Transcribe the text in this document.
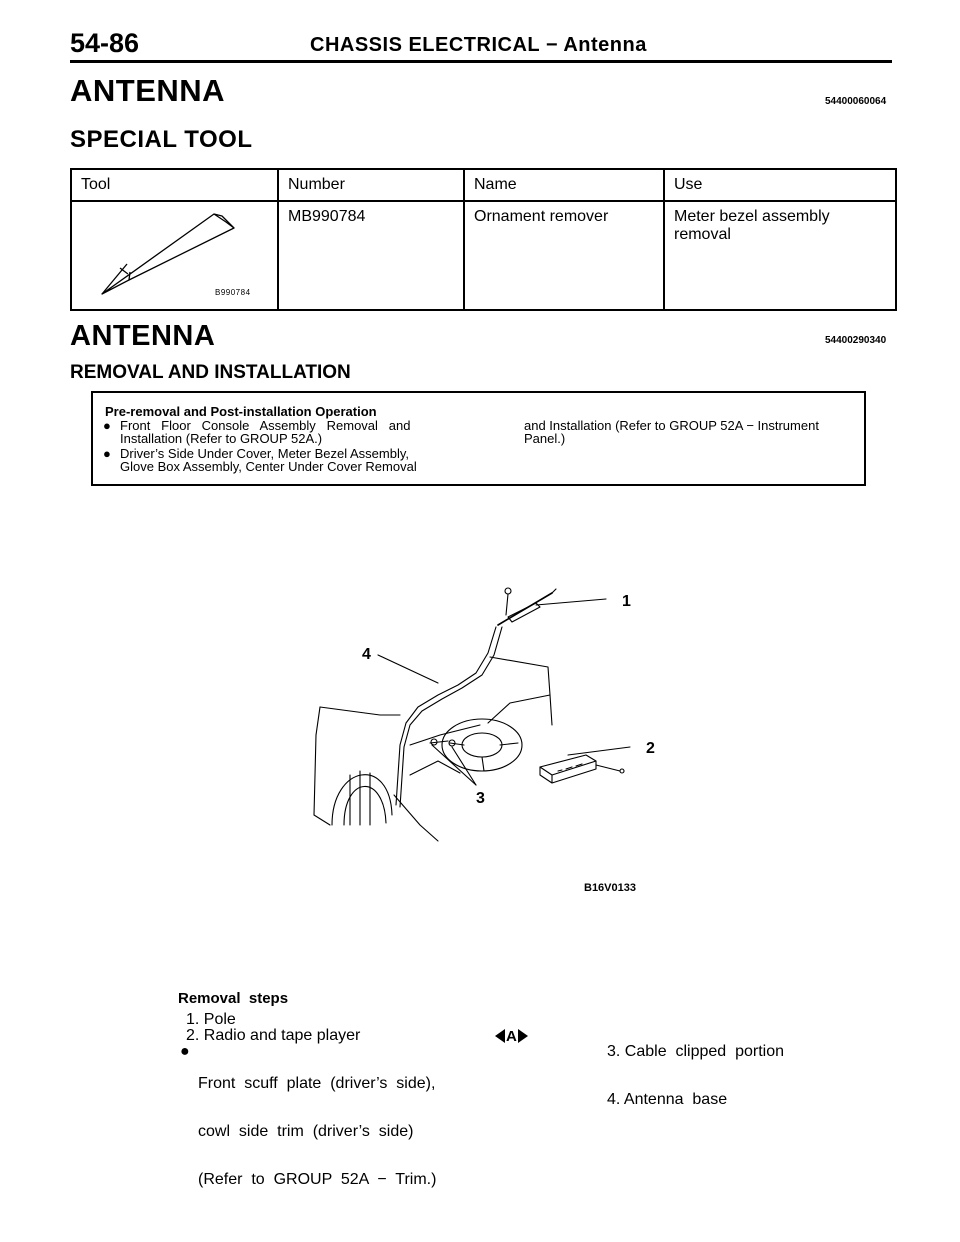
54-86	CHASSIS ELECTRICAL − Antenna
ANTENNA	54400060064
SPECIAL TOOL
Tool	Number	Name	Use

B990784	MB990784	Ornament remover	Meter bezel assembly removal
ANTENNA	54400290340
REMOVAL AND INSTALLATION
Pre-removal and Post-installation Operation
● Front   Floor   Console   Assembly   Removal   and
Installation (Refer to GROUP 52A.)
● Driver’s Side Under Cover, Meter Bezel Assembly,
Glove Box Assembly, Center Under Cover Removal
and Installation (Refer to GROUP 52A − Instrument
Panel.)
1
2
3
4
B16V0133
Removal  steps
1. Pole
2. Radio and tape player
●

Front  scuff  plate  (driver’s  side),

cowl  side  trim  (driver’s  side)

(Refer  to  GROUP  52A  −  Trim.)

A

3. Cable  clipped  portion

4. Antenna  base
